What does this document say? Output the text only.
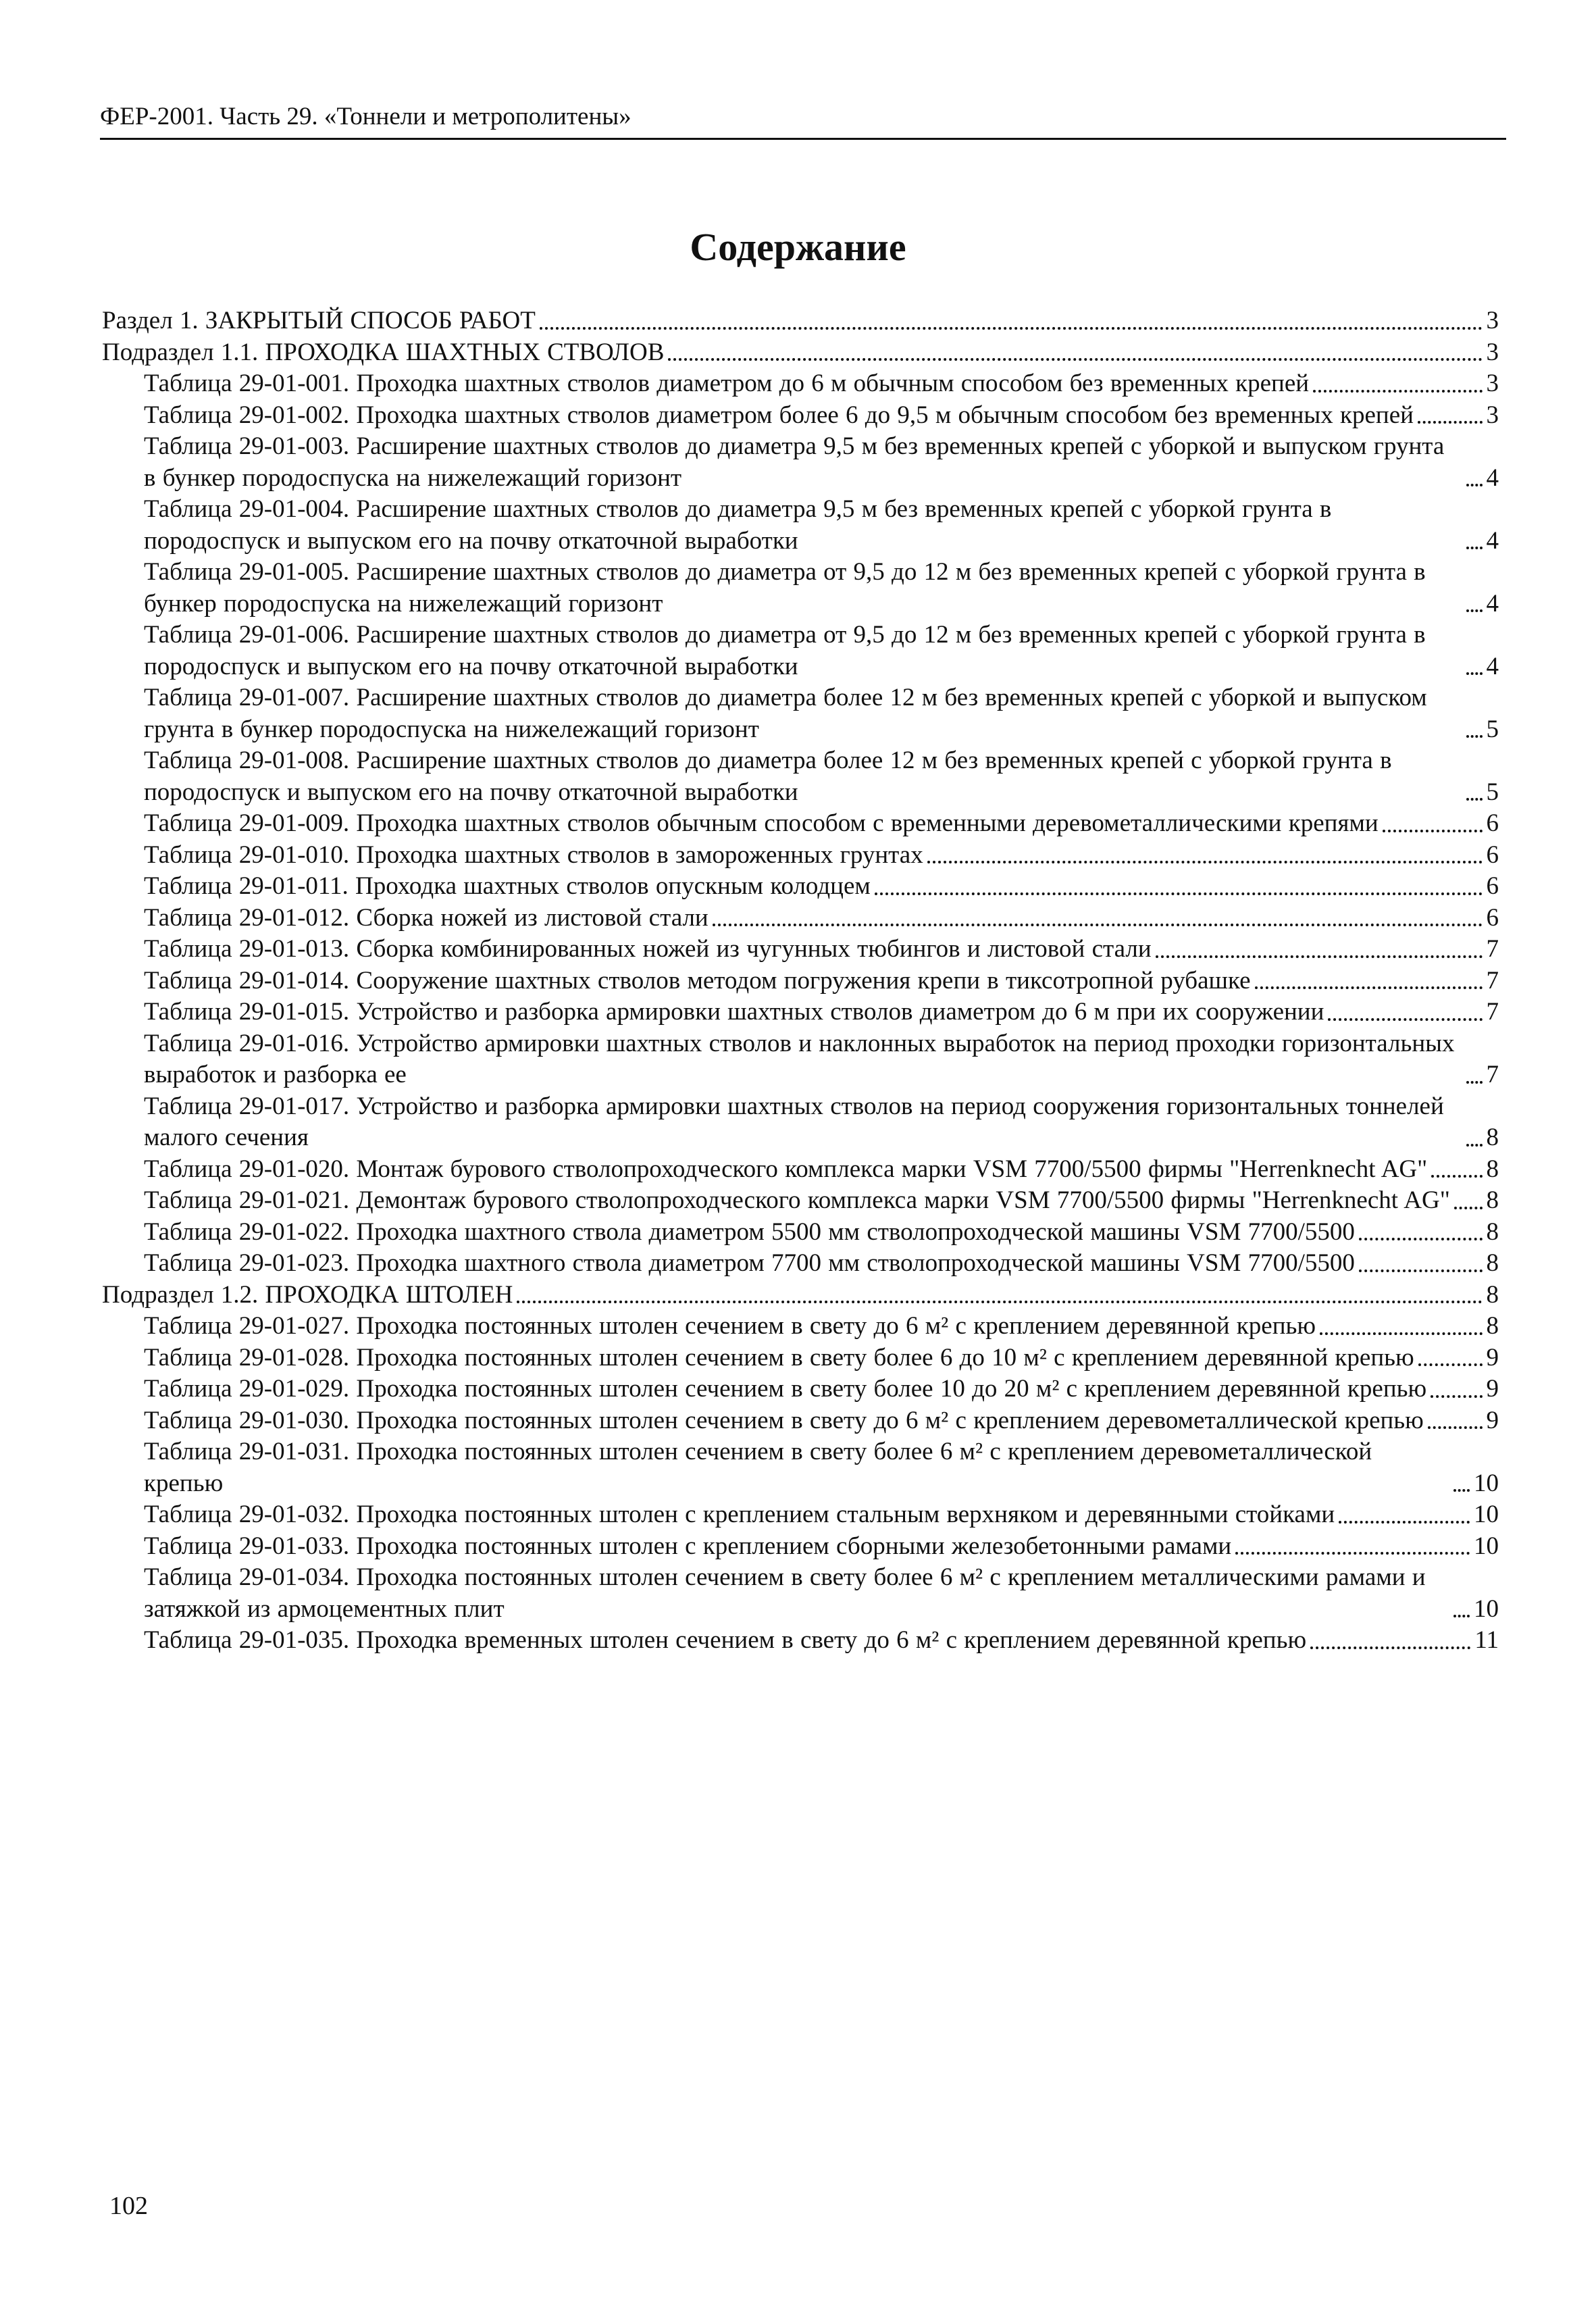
ФЕР-2001. Часть 29. «Тоннели и метрополитены»
Содержание
Раздел 1. ЗАКРЫТЫЙ СПОСОБ РАБОТ	3
Подраздел 1.1. ПРОХОДКА ШАХТНЫХ СТВОЛОВ	3
Таблица 29-01-001. Проходка шахтных стволов диаметром до 6 м обычным способом без временных крепей	3
Таблица 29-01-002. Проходка шахтных стволов диаметром более 6 до 9,5 м обычным способом без временных крепей	3
Таблица 29-01-003. Расширение шахтных стволов до диаметра 9,5 м без временных крепей с уборкой и выпуском грунта в бункер породоспуска на нижележащий горизонт	4
Таблица 29-01-004. Расширение шахтных стволов до диаметра 9,5 м без временных крепей с уборкой грунта в породоспуск и выпуском его на почву откаточной выработки	4
Таблица 29-01-005. Расширение шахтных стволов до диаметра от 9,5 до 12 м без временных крепей с уборкой грунта в бункер породоспуска на нижележащий горизонт	4
Таблица 29-01-006. Расширение шахтных стволов до диаметра от 9,5 до 12 м без временных крепей с уборкой грунта в породоспуск и выпуском его на почву откаточной выработки	4
Таблица 29-01-007. Расширение шахтных стволов до диаметра более 12 м без временных крепей с уборкой и выпуском грунта в бункер породоспуска на нижележащий горизонт	5
Таблица 29-01-008. Расширение шахтных стволов до диаметра более 12 м без временных крепей с уборкой грунта в породоспуск и выпуском его на почву откаточной выработки	5
Таблица 29-01-009. Проходка шахтных стволов обычным способом с временными деревометаллическими крепями	6
Таблица 29-01-010. Проходка шахтных стволов в замороженных грунтах	6
Таблица 29-01-011. Проходка шахтных стволов опускным колодцем	6
Таблица 29-01-012. Сборка ножей из листовой стали	6
Таблица 29-01-013. Сборка комбинированных ножей из чугунных тюбингов и листовой стали	7
Таблица 29-01-014. Сооружение шахтных стволов методом погружения крепи в тиксотропной рубашке	7
Таблица 29-01-015. Устройство и разборка армировки шахтных стволов диаметром до 6 м при их сооружении	7
Таблица 29-01-016. Устройство армировки шахтных стволов и наклонных выработок на период проходки горизонтальных выработок и разборка ее	7
Таблица 29-01-017. Устройство и разборка армировки шахтных стволов на период сооружения горизонтальных тоннелей малого сечения	8
Таблица 29-01-020. Монтаж бурового стволопроходческого комплекса марки VSM 7700/5500 фирмы "Herrenknecht AG" 8
Таблица 29-01-021. Демонтаж бурового стволопроходческого комплекса марки VSM 7700/5500 фирмы "Herrenknecht AG" 8
Таблица 29-01-022. Проходка шахтного ствола диаметром 5500 мм стволопроходческой машины VSM 7700/5500	8
Таблица 29-01-023. Проходка шахтного ствола диаметром 7700 мм стволопроходческой машины VSM 7700/5500	8
Подраздел 1.2. ПРОХОДКА ШТОЛЕН	8
Таблица 29-01-027. Проходка постоянных штолен сечением в свету до 6 м² с креплением деревянной крепью	8
Таблица 29-01-028. Проходка постоянных штолен сечением в свету более 6 до 10 м² с креплением деревянной крепью	9
Таблица 29-01-029. Проходка постоянных штолен сечением в свету более 10 до 20 м² с креплением деревянной крепью 9
Таблица 29-01-030. Проходка постоянных штолен сечением в свету до 6 м² с креплением деревометаллической крепью	9
Таблица 29-01-031. Проходка постоянных штолен сечением в свету более 6 м² с креплением деревометаллической крепью	10
Таблица 29-01-032. Проходка постоянных штолен с креплением стальным верхняком и деревянными стойками	10
Таблица 29-01-033. Проходка постоянных штолен с креплением сборными железобетонными рамами	10
Таблица 29-01-034. Проходка постоянных штолен сечением в свету более 6 м² с креплением металлическими рамами и затяжкой из армоцементных плит	10
Таблица 29-01-035. Проходка временных штолен сечением в свету до 6 м² с креплением деревянной крепью	11
102
